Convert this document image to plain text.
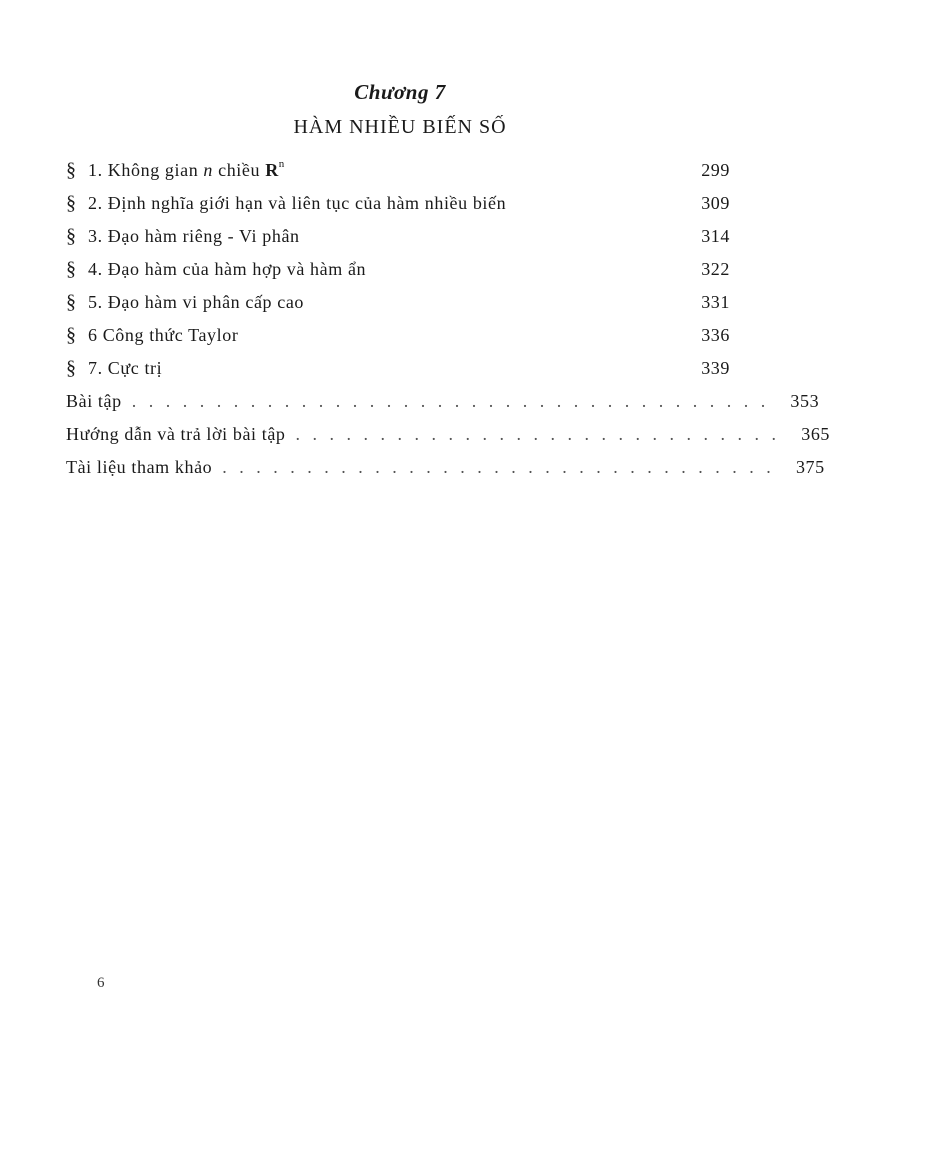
Chương 7
HÀM NHIỀU BIẾN SỐ
§ 1. Không gian n chiều $R^n$	299
§ 2. Định nghĩa giới hạn và liên tục của hàm nhiều biến	309
§ 3. Đạo hàm riêng - Vi phân	314
§ 4. Đạo hàm của hàm hợp và hàm ẩn	322
§ 5. Đạo hàm vi phân cấp cao	331
§ 6 Công thức Taylor	336
§ 7. Cực trị	339
Bài tập . . . . . . . . . . . . . . . . . . . . . . . . . . . . . . . . . . . . . .	353
Hướng dẫn và trả lời bài tập . . . . . . . . . . . . . . . . . . . . . . . . . . . . .	365
Tài liệu tham khảo . . . . . . . . . . . . . . . . . . . . . . . . . . . . . . . . .	375
6
